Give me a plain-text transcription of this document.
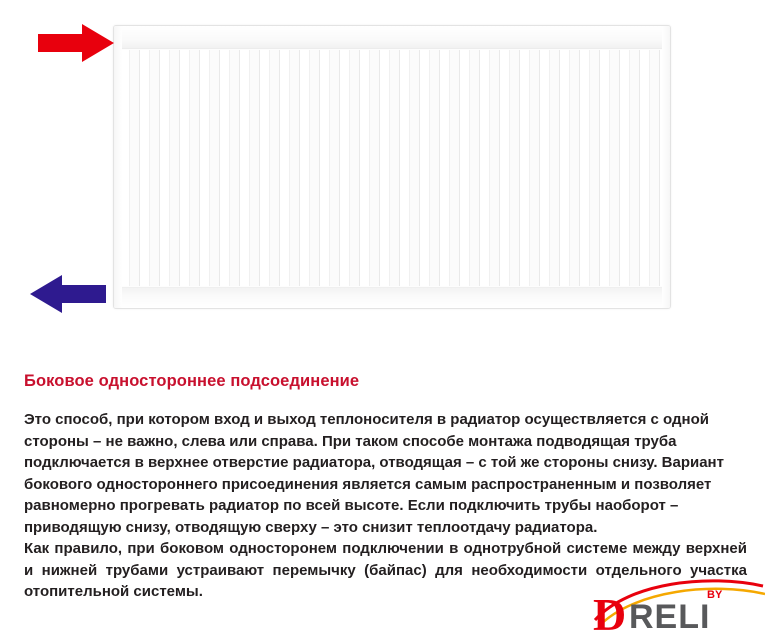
Боковое одностороннее подсоединение

Это способ, при котором вход и выход теплоносителя в радиатор осуществляется с одной стороны – не важно, слева или справа. При таком способе монтажа подводящая труба подключается в верхнее отверстие радиатора, отводящая – с той же стороны снизу. Вариант бокового одностороннего присоединения является самым распространенным и позволяет равномерно прогревать радиатор по всей высоте. Если подключить трубы наоборот – приводящую снизу, отводящую сверху – это снизит теплоотдачу радиатора.

Как правило, при боковом односторонем подключении в однотрубной системе между верхней и нижней трубами устраивают перемычку (байпас) для необходимости отдельного участка отопительной системы.	D RELI
BY
